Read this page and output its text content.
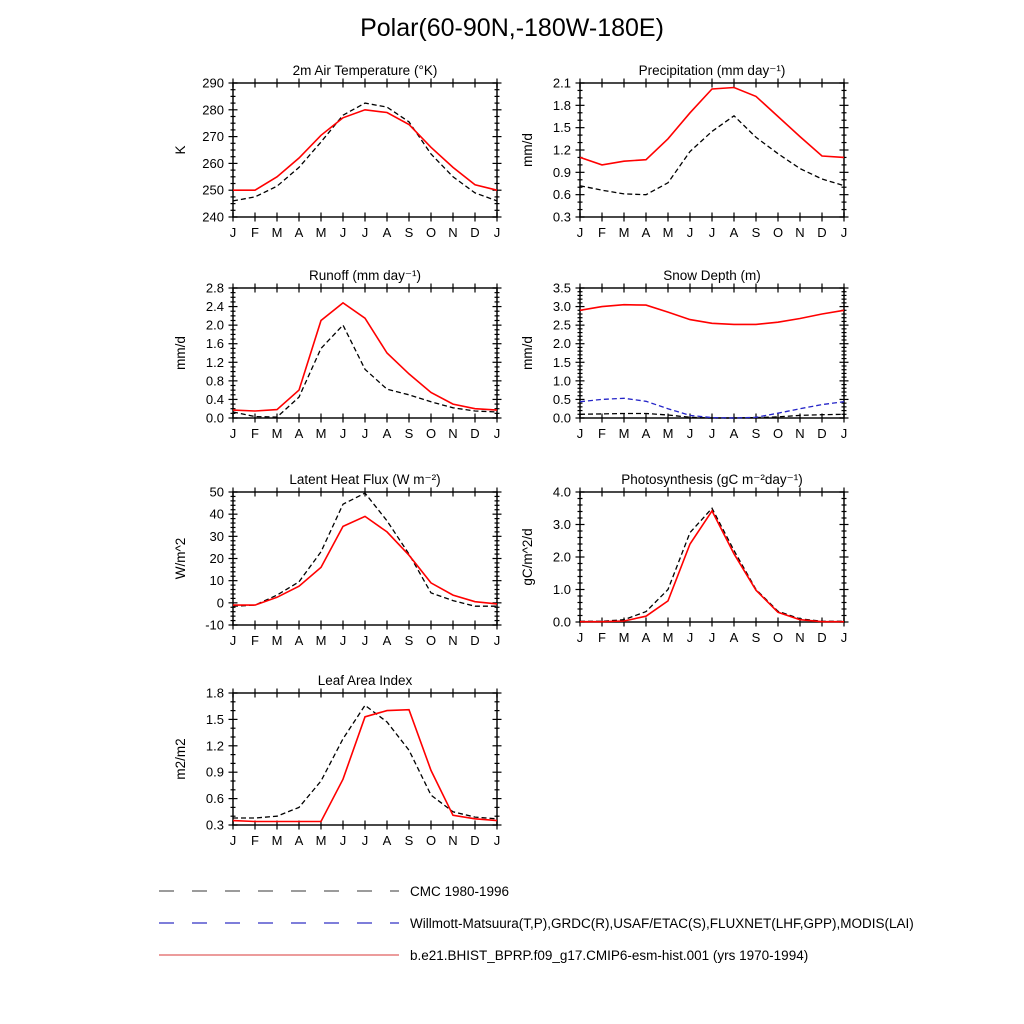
Polar(60-90N,-180W-180E)
J F M A M J J A S O N D J
240
250
260
270
280
290
2m Air Temperature (°K)
K
J F M A M J J A S O N D J
0.3
0.6
0.9
1.2
1.5
1.8
2.1
Precipitation (mm day⁻¹)
mm/d
J F M A M J J A S O N D J
0.0
0.4
0.8
1.2
1.6
2.0
2.4
2.8
Runoff (mm day⁻¹)
mm/d
J F M A M J J A S O N D J
0.0
0.5
1.0
1.5
2.0
2.5
3.0
3.5
Snow Depth (m)
mm/d
J F M A M J J A S O N D J
-10
0
10
20
30
40
50
Latent Heat Flux (W m⁻²)
W/m^2
J F M A M J J A S O N D J
0.0
1.0
2.0
3.0
4.0
Photosynthesis (gC m⁻²day⁻¹)
gC/m^2/d
J F M A M J J A S O N D J
0.3
0.6
0.9
1.2
1.5
1.8
Leaf Area Index
m2/m2
CMC 1980-1996
Willmott-Matsuura(T,P),GRDC(R),USAF/ETAC(S),FLUXNET(LHF,GPP),MODIS(LAI)
b.e21.BHIST_BPRP.f09_g17.CMIP6-esm-hist.001 (yrs 1970-1994)
